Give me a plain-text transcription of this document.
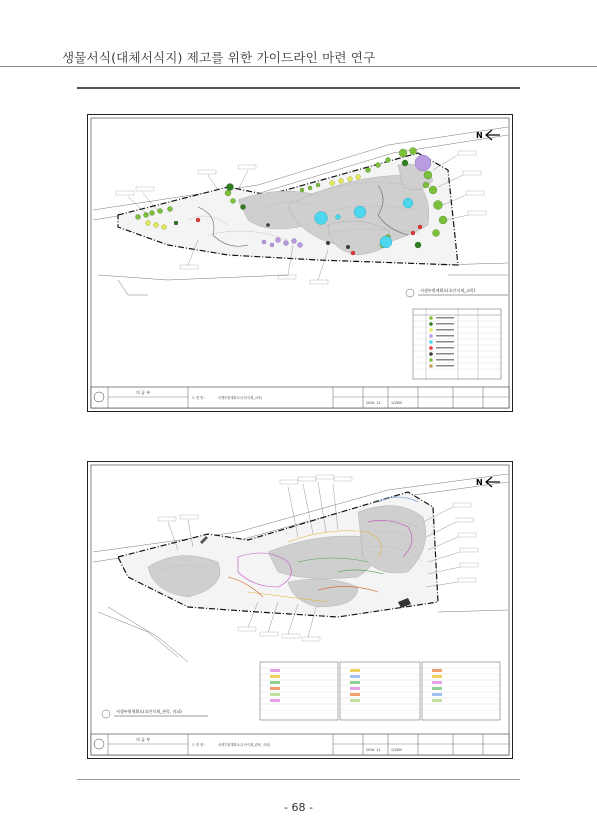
생물서식(대체서식지) 제고를 위한 가이드라인 마련 연구
N
서생부원계획도(초안식재_교목)
의 공 부
도 면 명 :	서생부원계획도(초안식재_교목)
2016. 11.	1/1500
N
서생부원계획도(초안식재_관목, 지피)
의 공 부
도 면 명 :	서생부원계획도(초안식재_관목, 지피)
2016. 11.	1/1500
- 68 -
